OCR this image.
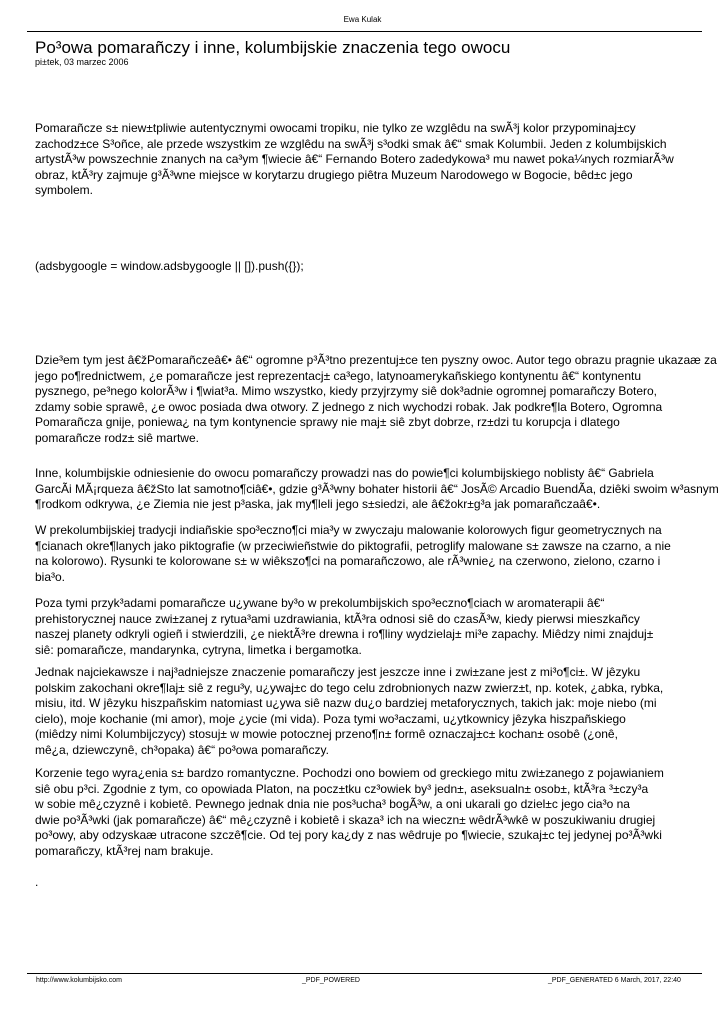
Ewa Kulak
Po³owa pomarañczy i inne, kolumbijskie znaczenia tego owocu
pi±tek, 03 marzec 2006
Pomarañcze s± niew±tpliwie autentycznymi owocami tropiku, nie tylko ze wzglêdu na swÃ³j kolor przypominaj±cy
zachodz±ce S³oñce, ale przede wszystkim ze wzglêdu na swÃ³j s³odki smak â€“ smak Kolumbii. Jeden z kolumbijskich
artystÃ³w powszechnie znanych na ca³ym ¶wiecie â€“ Fernando Botero zadedykowa³ mu nawet poka¼nych rozmiarÃ³w
obraz, ktÃ³ry zajmuje g³Ã³wne miejsce w korytarzu drugiego piêtra Muzeum Narodowego w Bogocie, bêd±c jego
symbolem.
(adsbygoogle = window.adsbygoogle || []).push({});
Dzie³em tym jest â€žPomarañczeâ€• â€“ ogromne p³Ã³tno prezentuj±ce ten pyszny owoc. Autor tego obrazu pragnie ukazaæ za
jego po¶rednictwem, ¿e pomarañcze jest reprezentacj± ca³ego, latynoamerykañskiego kontynentu â€“ kontynentu
pysznego, pe³nego kolorÃ³w i ¶wiat³a. Mimo wszystko, kiedy przyjrzymy siê dok³adnie ogromnej pomarañczy Botero,
zdamy sobie sprawê, ¿e owoc posiada dwa otwory. Z jednego z nich wychodzi robak. Jak podkre¶la Botero, Ogromna
Pomarañcza gnije, poniewa¿ na tym kontynencie sprawy nie maj± siê zbyt dobrze, rz±dzi tu korupcja i dlatego
pomarañcze rodz± siê martwe.
Inne, kolumbijskie odniesienie do owocu pomarañczy prowadzi nas do powie¶ci kolumbijskiego noblisty â€“ Gabriela
GarcÃi MÃ¡rqueza â€žSto lat samotno¶ciâ€•, gdzie g³Ã³wny bohater historii â€“ JosÃ© Arcadio BuendÃa, dziêki swoim w³asnym
¶rodkom odkrywa, ¿e Ziemia nie jest p³aska, jak my¶leli jego s±siedzi, ale â€žokr±g³a jak pomarañczaâ€•.
W prekolumbijskiej tradycji indiañskie spo³eczno¶ci mia³y w zwyczaju malowanie kolorowych figur geometrycznych na
¶cianach okre¶lanych jako piktografie (w przeciwieñstwie do piktografii, petroglify malowane s± zawsze na czarno, a nie
na kolorowo). Rysunki te kolorowane s± w wiêkszo¶ci na pomarañczowo, ale rÃ³wnie¿ na czerwono, zielono, czarno i
bia³o.
Poza tymi przyk³adami pomarañcze u¿ywane by³o w prekolumbijskich spo³eczno¶ciach w aromaterapii â€“
prehistorycznej nauce zwi±zanej z rytua³ami uzdrawiania, ktÃ³ra odnosi siê do czasÃ³w, kiedy pierwsi mieszkañcy
naszej planety odkryli ogieñ i stwierdzili, ¿e niektÃ³re drewna i ro¶liny wydzielaj± mi³e zapachy. Miêdzy nimi znajduj±
siê: pomarañcze, mandarynka, cytryna, limetka i bergamotka.
Jednak najciekawsze i naj³adniejsze znaczenie pomarañczy jest jeszcze inne i zwi±zane jest z mi³o¶ci±. W jêzyku
polskim zakochani okre¶laj± siê z regu³y, u¿ywaj±c do tego celu zdrobnionych nazw zwierz±t, np. kotek, ¿abka, rybka,
misiu, itd. W jêzyku hiszpañskim natomiast u¿ywa siê nazw du¿o bardziej metaforycznych, takich jak: moje niebo (mi
cielo), moje kochanie (mi amor), moje ¿ycie (mi vida). Poza tymi wo³aczami, u¿ytkownicy jêzyka hiszpañskiego
(miêdzy nimi Kolumbijczycy) stosuj± w mowie potocznej przeno¶n± formê oznaczaj±c± kochan± osobê (¿onê,
mê¿a, dziewczynê, ch³opaka) â€“ po³owa pomarañczy.
Korzenie tego wyra¿enia s± bardzo romantyczne. Pochodzi ono bowiem od greckiego mitu zwi±zanego z pojawianiem
siê obu p³ci. Zgodnie z tym, co opowiada Platon, na pocz±tku cz³owiek by³ jedn±, aseksualn± osob±, ktÃ³ra ³±czy³a
w sobie mê¿czyznê i kobietê. Pewnego jednak dnia nie pos³ucha³ bogÃ³w, a oni ukarali go dziel±c jego cia³o na
dwie po³Ã³wki (jak pomarañcze) â€“ mê¿czyznê i kobietê i skaza³ ich na wieczn± wêdrÃ³wkê w poszukiwaniu drugiej
po³owy, aby odzyskaæ utracone szczê¶cie. Od tej pory ka¿dy z nas wêdruje po ¶wiecie, szukaj±c tej jedynej po³Ã³wki
pomarañczy, ktÃ³rej nam brakuje.
.
http://www.kolumbijsko.com	_PDF_POWERED	_PDF_GENERATED 6 March, 2017, 22:40
